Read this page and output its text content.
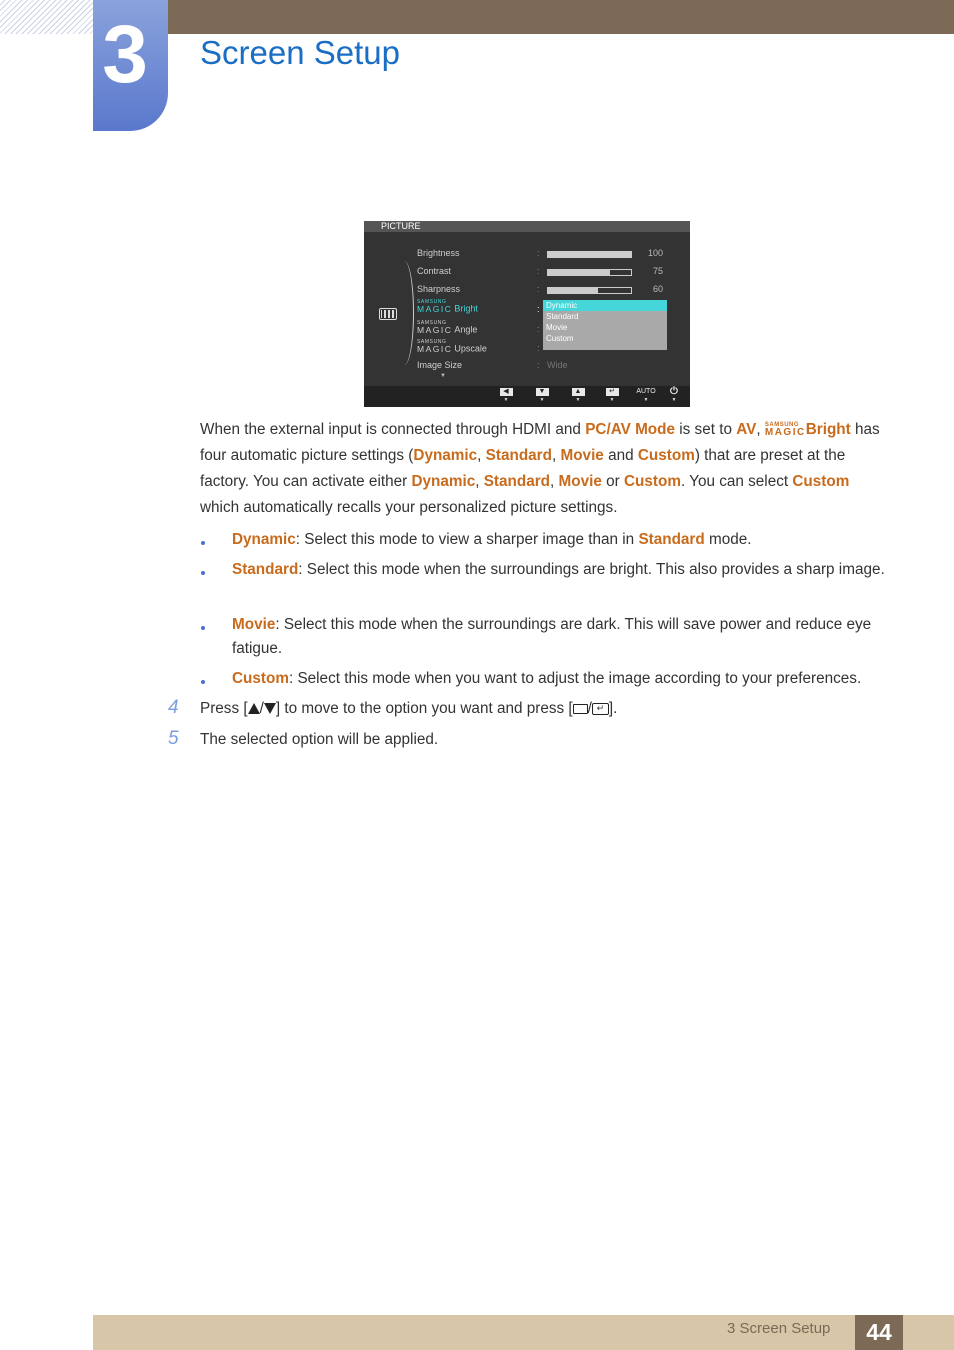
3 Screen Setup
PICTURE
Brightness	:	100
Contrast	:	75
Sharpness	:	60
SAMSUNG
MAGIC Bright	:
SAMSUNG
MAGIC Angle	:
SAMSUNG
MAGIC Upscale	:
Image Size	: Wide
▼
Dynamic
Standard
Movie
Custom
◀
▼
▼
▼
▲
▼
↵
▼
AUTO
▼
⏻
▼
When the external input is connected through HDMI and PC/AV Mode is set to AV, SAMSUNG
MAGIC Bright has four automatic picture settings (Dynamic, Standard, Movie and Custom) that are preset at the factory. You can activate either Dynamic, Standard, Movie or Custom. You can select Custom which automatically recalls your personalized picture settings.
Dynamic: Select this mode to view a sharper image than in Standard mode.
Standard: Select this mode when the surroundings are bright. This also provides a sharp image.
Movie: Select this mode when the surroundings are dark. This will save power and reduce eye fatigue.
Custom: Select this mode when you want to adjust the image according to your preferences.
4 Press [ / ] to move to the option you want and press [ / ↵ ].
5 The selected option will be applied.
3 Screen Setup	44
